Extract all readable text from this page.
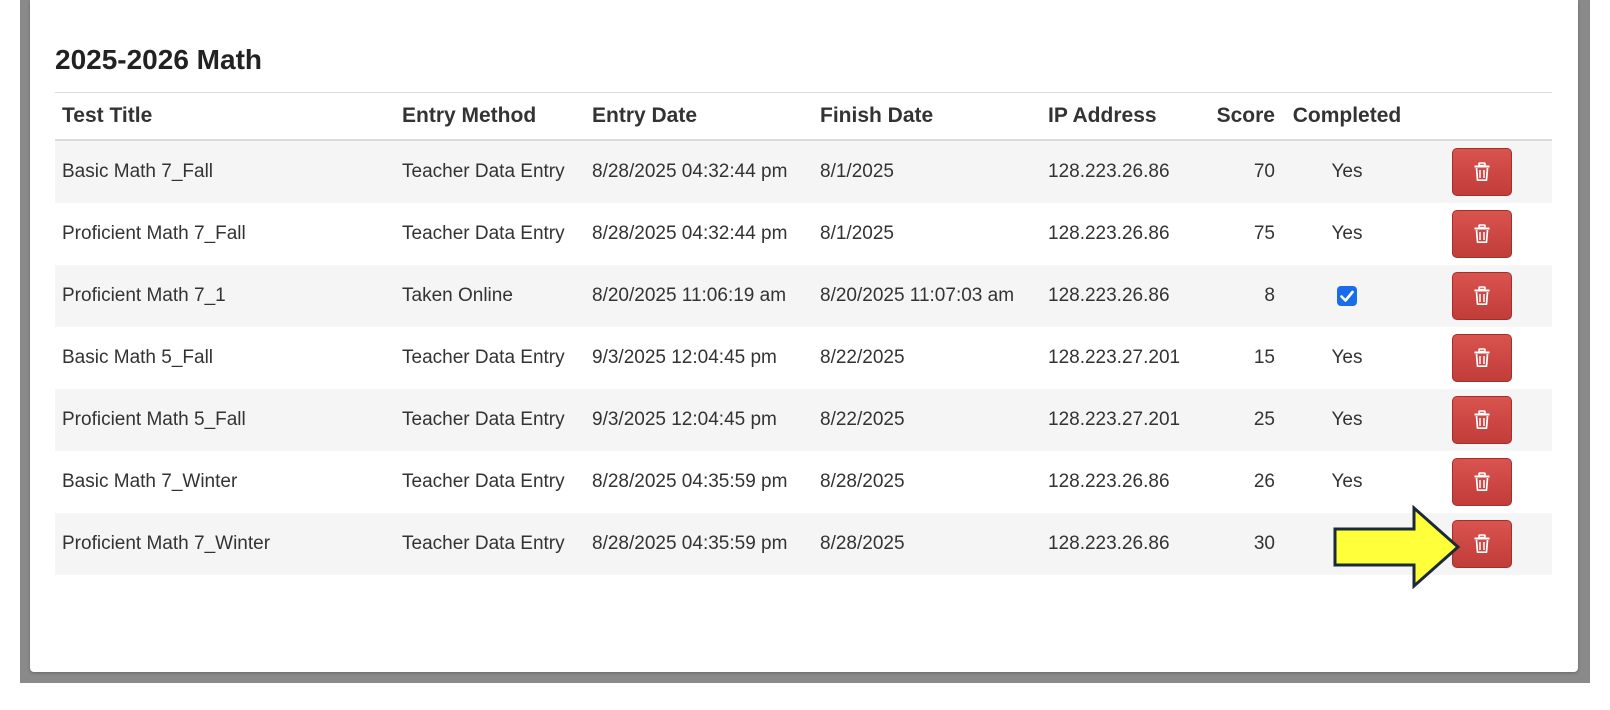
2025-2026 Math
Test Title	Entry Method	Entry Date	Finish Date	IP Address	Score	Completed	
Basic Math 7_Fall	Teacher Data Entry	8/28/2025 04:32:44 pm	8/1/2025	128.223.26.86	70	Yes	

Proficient Math 7_Fall	Teacher Data Entry	8/28/2025 04:32:44 pm	8/1/2025	128.223.26.86	75	Yes	

Proficient Math 7_1	Taken Online	8/20/2025 11:06:19 am	8/20/2025 11:07:03 am	128.223.26.86	8		

Basic Math 5_Fall	Teacher Data Entry	9/3/2025 12:04:45 pm	8/22/2025	128.223.27.201	15	Yes	

Proficient Math 5_Fall	Teacher Data Entry	9/3/2025 12:04:45 pm	8/22/2025	128.223.27.201	25	Yes	

Basic Math 7_Winter	Teacher Data Entry	8/28/2025 04:35:59 pm	8/28/2025	128.223.26.86	26	Yes	

Proficient Math 7_Winter	Teacher Data Entry	8/28/2025 04:35:59 pm	8/28/2025	128.223.26.86	30		
